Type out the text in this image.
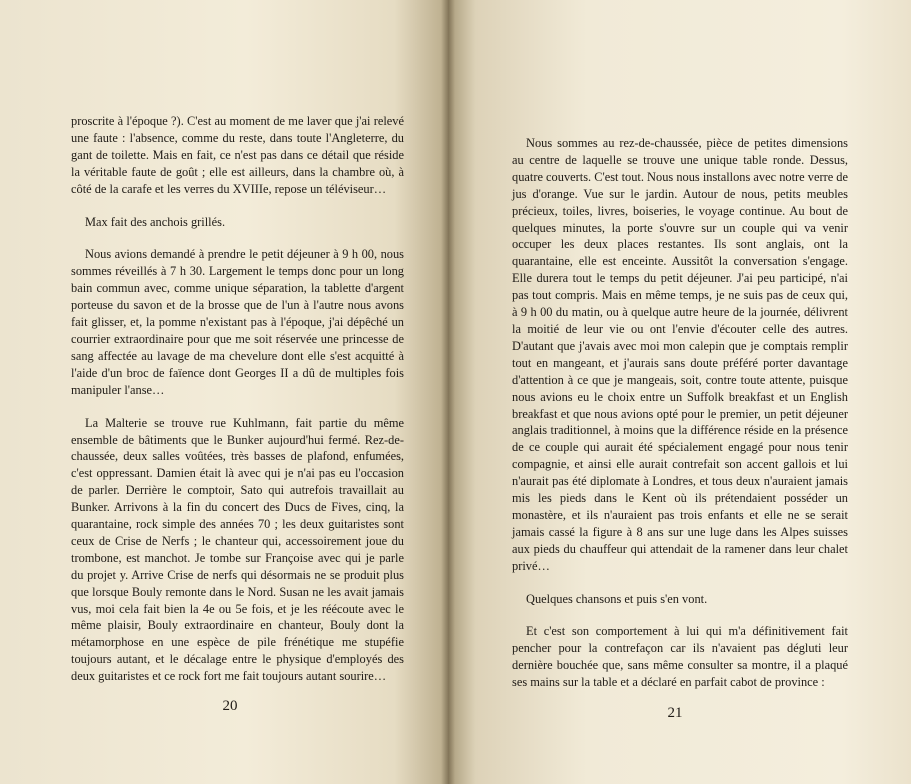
proscrite à l'époque ?). C'est au moment de me laver que j'ai relevé une faute : l'absence, comme du reste, dans toute l'Angleterre, du gant de toilette. Mais en fait, ce n'est pas dans ce détail que réside la véritable faute de goût ; elle est ailleurs, dans la chambre où, à côté de la carafe et les verres du XVIIIe, repose un téléviseur…

Max fait des anchois grillés.

Nous avions demandé à prendre le petit déjeuner à 9 h 00, nous sommes réveillés à 7 h 30. Largement le temps donc pour un long bain commun avec, comme unique séparation, la tablette d'argent porteuse du savon et de la brosse que de l'un à l'autre nous avons fait glisser, et, la pomme n'existant pas à l'époque, j'ai dépêché un courrier extraordinaire pour que me soit réservée une princesse de sang affectée au lavage de ma chevelure dont elle s'est acquitté à l'aide d'un broc de faïence dont Georges II a dû de multiples fois manipuler l'anse…

La Malterie se trouve rue Kuhlmann, fait partie du même ensemble de bâtiments que le Bunker aujourd'hui fermé. Rez-de-chaussée, deux salles voûtées, très basses de plafond, enfumées, c'est oppressant. Damien était là avec qui je n'ai pas eu l'occasion de parler. Derrière le comptoir, Sato qui autrefois travaillait au Bunker. Arrivons à la fin du concert des Ducs de Fives, cinq, la quarantaine, rock simple des années 70 ; les deux guitaristes sont ceux de Crise de Nerfs ; le chanteur qui, accessoirement joue du trombone, est manchot. Je tombe sur Françoise avec qui je parle du projet y. Arrive Crise de nerfs qui désormais ne se produit plus que lorsque Bouly remonte dans le Nord. Susan ne les avait jamais vus, moi cela fait bien la 4e ou 5e fois, et je les réécoute avec le même plaisir, Bouly extraordinaire en chanteur, Bouly dont la métamorphose en une espèce de pile frénétique me stupéfie toujours autant, et le décalage entre le physique d'employés des deux guitaristes et ce rock fort me fait toujours autant sourire…

20	21

Nous sommes au rez-de-chaussée, pièce de petites dimensions au centre de laquelle se trouve une unique table ronde. Dessus, quatre couverts. C'est tout. Nous nous installons avec notre verre de jus d'orange. Vue sur le jardin. Autour de nous, petits meubles précieux, toiles, livres, boiseries, le voyage continue. Au bout de quelques minutes, la porte s'ouvre sur un couple qui va venir occuper les deux places restantes. Ils sont anglais, ont la quarantaine, elle est enceinte. Aussitôt la conversation s'engage. Elle durera tout le temps du petit déjeuner. J'ai peu participé, n'ai pas tout compris. Mais en même temps, je ne suis pas de ceux qui, à 9 h 00 du matin, ou à quelque autre heure de la journée, délivrent la moitié de leur vie ou ont l'envie d'écouter celle des autres. D'autant que j'avais avec moi mon calepin que je comptais remplir tout en mangeant, et j'aurais sans doute préféré porter davantage d'attention à ce que je mangeais, soit, contre toute attente, puisque nous avions eu le choix entre un Suffolk breakfast et un English breakfast et que nous avions opté pour le premier, un petit déjeuner anglais traditionnel, à moins que la différence réside en la présence de ce couple qui aurait été spécialement engagé pour nous tenir compagnie, et ainsi elle aurait contrefait son accent gallois et lui n'aurait pas été diplomate à Londres, et tous deux n'auraient jamais mis les pieds dans le Kent où ils prétendaient posséder un monastère, et ils n'auraient pas trois enfants et elle ne se serait jamais cassé la figure à 8 ans sur une luge dans les Alpes suisses aux pieds du chauffeur qui attendait de la ramener dans leur chalet privé…

Quelques chansons et puis s'en vont.

Et c'est son comportement à lui qui m'a définitivement fait pencher pour la contrefaçon car ils n'avaient pas dégluti leur dernière bouchée que, sans même consulter sa montre, il a plaqué ses mains sur la table et a déclaré en parfait cabot de province :
